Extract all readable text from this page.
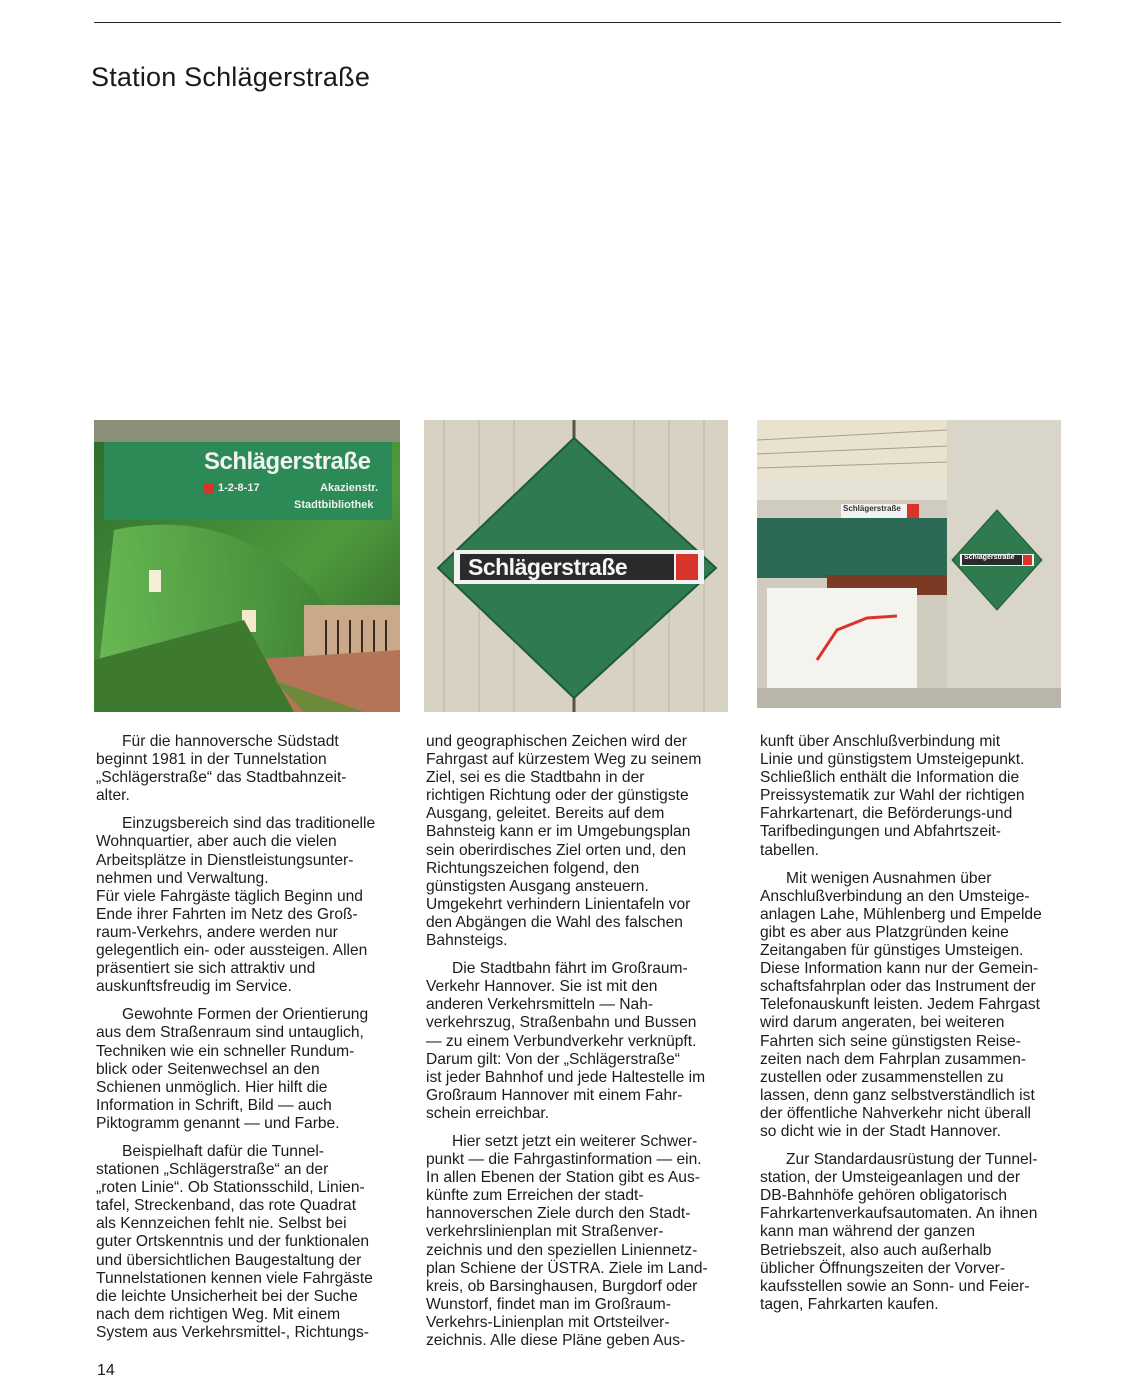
Station Schlägerstraße
Schlägerstraße
1-2-8-17	Akazienstr.
Stadtbibliothek
Schlägerstraße
Schlägerstraße
Schlägerstraße

Für die hannoversche Südstadt
beginnt 1981 in der Tunnelstation
„Schlägerstraße“ das Stadtbahnzeit-
alter.

Einzugsbereich sind das traditionelle
Wohnquartier, aber auch die vielen
Arbeitsplätze in Dienstleistungsunter-
nehmen und Verwaltung.

Für viele Fahrgäste täglich Beginn und
Ende ihrer Fahrten im Netz des Groß-
raum-Verkehrs, andere werden nur
gelegentlich ein- oder aussteigen. Allen
präsentiert sie sich attraktiv und
auskunftsfreudig im Service.

Gewohnte Formen der Orientierung
aus dem Straßenraum sind untauglich,
Techniken wie ein schneller Rundum-
blick oder Seitenwechsel an den
Schienen unmöglich. Hier hilft die
Information in Schrift, Bild — auch
Piktogramm genannt — und Farbe.

Beispielhaft dafür die Tunnel-
stationen „Schlägerstraße“ an der
„roten Linie“. Ob Stationsschild, Linien-
tafel, Streckenband, das rote Quadrat
als Kennzeichen fehlt nie. Selbst bei
guter Ortskenntnis und der funktionalen
und übersichtlichen Baugestaltung der
Tunnelstationen kennen viele Fahrgäste
die leichte Unsicherheit bei der Suche
nach dem richtigen Weg. Mit einem
System aus Verkehrsmittel-, Richtungs-

und geographischen Zeichen wird der
Fahrgast auf kürzestem Weg zu seinem
Ziel, sei es die Stadtbahn in der
richtigen Richtung oder der günstigste
Ausgang, geleitet. Bereits auf dem
Bahnsteig kann er im Umgebungsplan
sein oberirdisches Ziel orten und, den
Richtungszeichen folgend, den
günstigsten Ausgang ansteuern.
Umgekehrt verhindern Linientafeln vor
den Abgängen die Wahl des falschen
Bahnsteigs.

Die Stadtbahn fährt im Großraum-
Verkehr Hannover. Sie ist mit den
anderen Verkehrsmitteln — Nah-
verkehrszug, Straßenbahn und Bussen
— zu einem Verbundverkehr verknüpft.
Darum gilt: Von der „Schlägerstraße“
ist jeder Bahnhof und jede Haltestelle im
Großraum Hannover mit einem Fahr-
schein erreichbar.

Hier setzt jetzt ein weiterer Schwer-
punkt — die Fahrgastinformation — ein.
In allen Ebenen der Station gibt es Aus-
künfte zum Erreichen der stadt-
hannoverschen Ziele durch den Stadt-
verkehrslinienplan mit Straßenver-
zeichnis und den speziellen Liniennetz-
plan Schiene der ÜSTRA. Ziele im Land-
kreis, ob Barsinghausen, Burgdorf oder
Wunstorf, findet man im Großraum-
Verkehrs-Linienplan mit Ortsteilver-
zeichnis. Alle diese Pläne geben Aus-

kunft über Anschlußverbindung mit
Linie und günstigstem Umsteigepunkt.
Schließlich enthält die Information die
Preissystematik zur Wahl der richtigen
Fahrkartenart, die Beförderungs-und
Tarifbedingungen und Abfahrtszeit-
tabellen.

Mit wenigen Ausnahmen über
Anschlußverbindung an den Umsteige-
anlagen Lahe, Mühlenberg und Empelde
gibt es aber aus Platzgründen keine
Zeitangaben für günstiges Umsteigen.
Diese Information kann nur der Gemein-
schaftsfahrplan oder das Instrument der
Telefonauskunft leisten. Jedem Fahrgast
wird darum angeraten, bei weiteren
Fahrten sich seine günstigsten Reise-
zeiten nach dem Fahrplan zusammen-
zustellen oder zusammenstellen zu
lassen, denn ganz selbstverständlich ist
der öffentliche Nahverkehr nicht überall
so dicht wie in der Stadt Hannover.

Zur Standardausrüstung der Tunnel-
station, der Umsteigeanlagen und der
DB-Bahnhöfe gehören obligatorisch
Fahrkartenverkaufsautomaten. An ihnen
kann man während der ganzen
Betriebszeit, also auch außerhalb
üblicher Öffnungszeiten der Vorver-
kaufsstellen sowie an Sonn- und Feier-
tagen, Fahrkarten kaufen.

14
